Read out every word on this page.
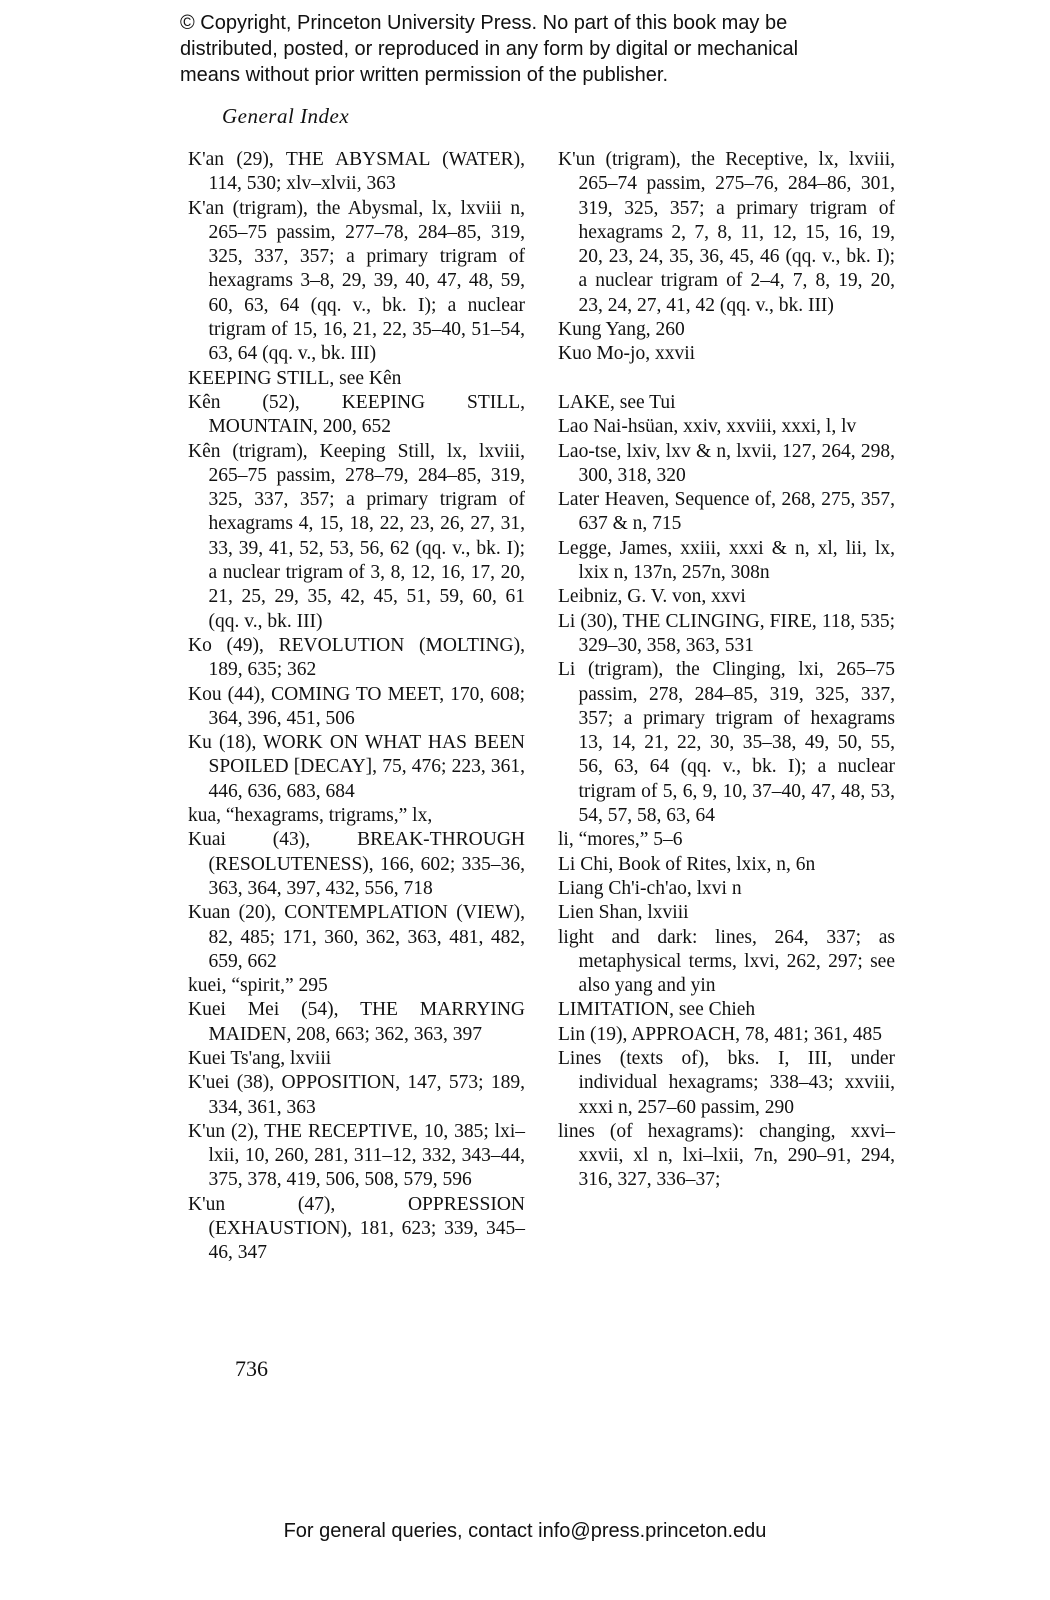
© Copyright, Princeton University Press. No part of this book may be
distributed, posted, or reproduced in any form by digital or mechanical
means without prior written permission of the publisher.
General Index

K'an (29), THE ABYSMAL (WATER), 114, 530; xlv–xlvii, 363

K'an (trigram), the Abysmal, lx, lxviii n, 265–75 passim, 277–78, 284–85, 319, 325, 337, 357; a primary trigram of hexagrams 3–8, 29, 39, 40, 47, 48, 59, 60, 63, 64 (qq. v., bk. I); a nuclear trigram of 15, 16, 21, 22, 35–40, 51–54, 63, 64 (qq. v., bk. III)

KEEPING STILL, see Kên

Kên (52), KEEPING STILL, MOUNTAIN, 200, 652

Kên (trigram), Keeping Still, lx, lxviii, 265–75 passim, 278–79, 284–85, 319, 325, 337, 357; a primary trigram of hexagrams 4, 15, 18, 22, 23, 26, 27, 31, 33, 39, 41, 52, 53, 56, 62 (qq. v., bk. I); a nuclear trigram of 3, 8, 12, 16, 17, 20, 21, 25, 29, 35, 42, 45, 51, 59, 60, 61 (qq. v., bk. III)

Ko (49), REVOLUTION (MOLTING), 189, 635; 362

Kou (44), COMING TO MEET, 170, 608; 364, 396, 451, 506

Ku (18), WORK ON WHAT HAS BEEN SPOILED [DECAY], 75, 476; 223, 361, 446, 636, 683, 684

kua, “hexagrams, trigrams,” lx,

Kuai (43), BREAK-THROUGH (RESOLUTENESS), 166, 602; 335–36, 363, 364, 397, 432, 556, 718

Kuan (20), CONTEMPLATION (VIEW), 82, 485; 171, 360, 362, 363, 481, 482, 659, 662

kuei, “spirit,” 295

Kuei Mei (54), THE MARRYING MAIDEN, 208, 663; 362, 363, 397

Kuei Ts'ang, lxviii

K'uei (38), OPPOSITION, 147, 573; 189, 334, 361, 363

K'un (2), THE RECEPTIVE, 10, 385; lxi–lxii, 10, 260, 281, 311–12, 332, 343–44, 375, 378, 419, 506, 508, 579, 596

K'un (47), OPPRESSION (EXHAUSTION), 181, 623; 339, 345–46, 347

K'un (trigram), the Receptive, lx, lxviii, 265–74 passim, 275–76, 284–86, 301, 319, 325, 357; a primary trigram of hexagrams 2, 7, 8, 11, 12, 15, 16, 19, 20, 23, 24, 35, 36, 45, 46 (qq. v., bk. I); a nuclear trigram of 2–4, 7, 8, 19, 20, 23, 24, 27, 41, 42 (qq. v., bk. III)

Kung Yang, 260

Kuo Mo-jo, xxvii

LAKE, see Tui

Lao Nai-hsüan, xxiv, xxviii, xxxi, l, lv

Lao-tse, lxiv, lxv & n, lxvii, 127, 264, 298, 300, 318, 320

Later Heaven, Sequence of, 268, 275, 357, 637 & n, 715

Legge, James, xxiii, xxxi & n, xl, lii, lx, lxix n, 137n, 257n, 308n

Leibniz, G. V. von, xxvi

Li (30), THE CLINGING, FIRE, 118, 535; 329–30, 358, 363, 531

Li (trigram), the Clinging, lxi, 265–75 passim, 278, 284–85, 319, 325, 337, 357; a primary trigram of hexagrams 13, 14, 21, 22, 30, 35–38, 49, 50, 55, 56, 63, 64 (qq. v., bk. I); a nuclear trigram of 5, 6, 9, 10, 37–40, 47, 48, 53, 54, 57, 58, 63, 64

li, “mores,” 5–6

Li Chi, Book of Rites, lxix, n, 6n

Liang Ch'i-ch'ao, lxvi n

Lien Shan, lxviii

light and dark: lines, 264, 337; as metaphysical terms, lxvi, 262, 297; see also yang and yin

LIMITATION, see Chieh

Lin (19), APPROACH, 78, 481; 361, 485

Lines (texts of), bks. I, III, under individual hexagrams; 338–43; xxviii, xxxi n, 257–60 passim, 290

lines (of hexagrams): changing, xxvi–xxvii, xl n, lxi–lxii, 7n, 290–91, 294, 316, 327, 336–37;

736
For general queries, contact info@press.princeton.edu
